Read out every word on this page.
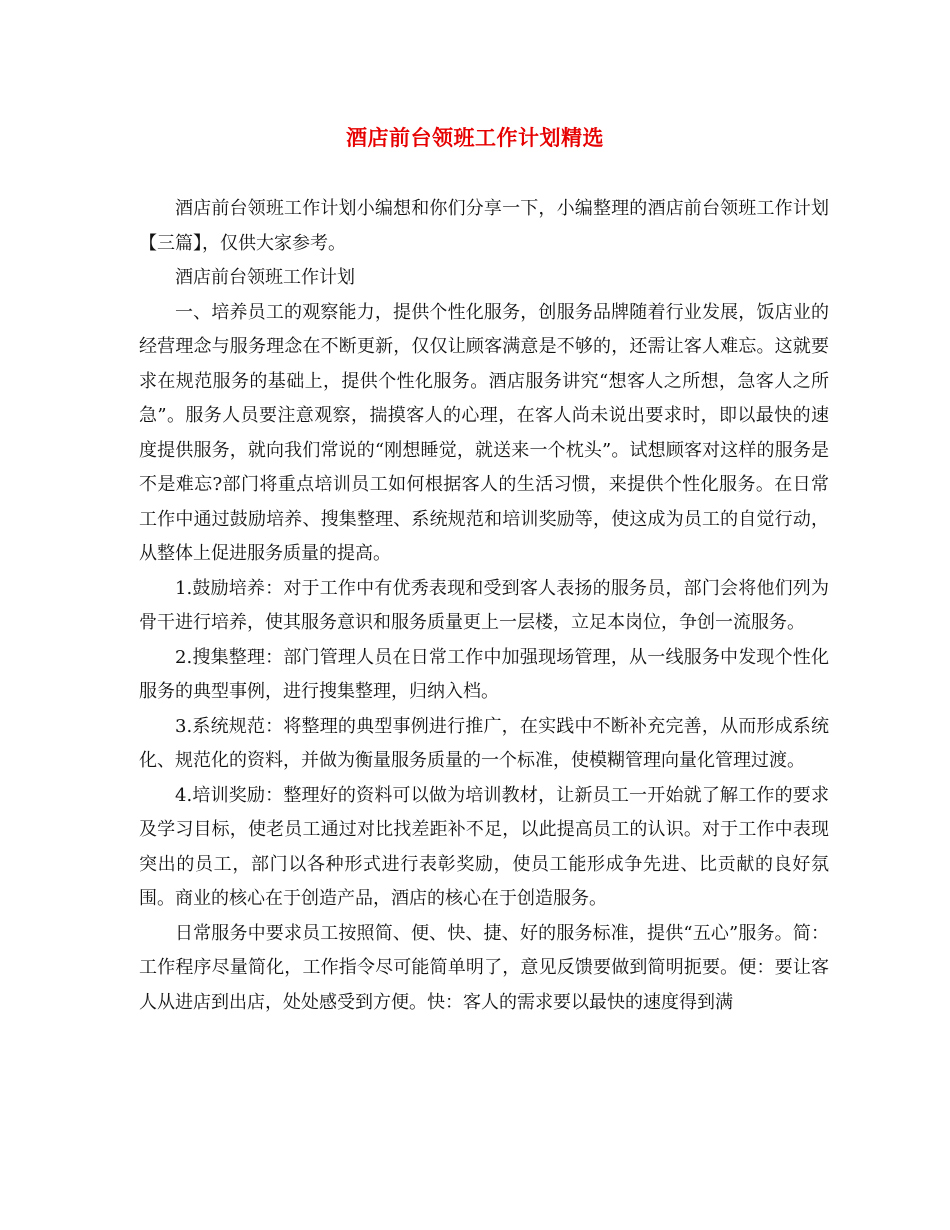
酒店前台领班工作计划精选

酒店前台领班工作计划小编想和你们分享一下，小编整理的酒店前台领班工作计划【三篇】，仅供大家参考。

酒店前台领班工作计划

一、培养员工的观察能力，提供个性化服务，创服务品牌随着行业发展，饭店业的经营理念与服务理念在不断更新，仅仅让顾客满意是不够的，还需让客人难忘。这就要求在规范服务的基础上，提供个性化服务。酒店服务讲究“想客人之所想，急客人之所急”。服务人员要注意观察，揣摸客人的心理，在客人尚未说出要求时，即以最快的速度提供服务，就向我们常说的“刚想睡觉，就送来一个枕头”。试想顾客对这样的服务是不是难忘?部门将重点培训员工如何根据客人的生活习惯，来提供个性化服务。在日常工作中通过鼓励培养、搜集整理、系统规范和培训奖励等，使这成为员工的自觉行动，从整体上促进服务质量的提高。

1.鼓励培养：对于工作中有优秀表现和受到客人表扬的服务员，部门会将他们列为骨干进行培养，使其服务意识和服务质量更上一层楼，立足本岗位，争创一流服务。

2.搜集整理：部门管理人员在日常工作中加强现场管理，从一线服务中发现个性化服务的典型事例，进行搜集整理，归纳入档。

3.系统规范：将整理的典型事例进行推广，在实践中不断补充完善，从而形成系统化、规范化的资料，并做为衡量服务质量的一个标准，使模糊管理向量化管理过渡。

4.培训奖励：整理好的资料可以做为培训教材，让新员工一开始就了解工作的要求及学习目标，使老员工通过对比找差距补不足，以此提高员工的认识。对于工作中表现突出的员工，部门以各种形式进行表彰奖励，使员工能形成争先进、比贡献的良好氛围。商业的核心在于创造产品，酒店的核心在于创造服务。

日常服务中要求员工按照简、便、快、捷、好的服务标准，提供“五心”服务。简：工作程序尽量简化，工作指令尽可能简单明了，意见反馈要做到简明扼要。便：要让客人从进店到出店，处处感受到方便。快：客人的需求要以最快的速度得到满
